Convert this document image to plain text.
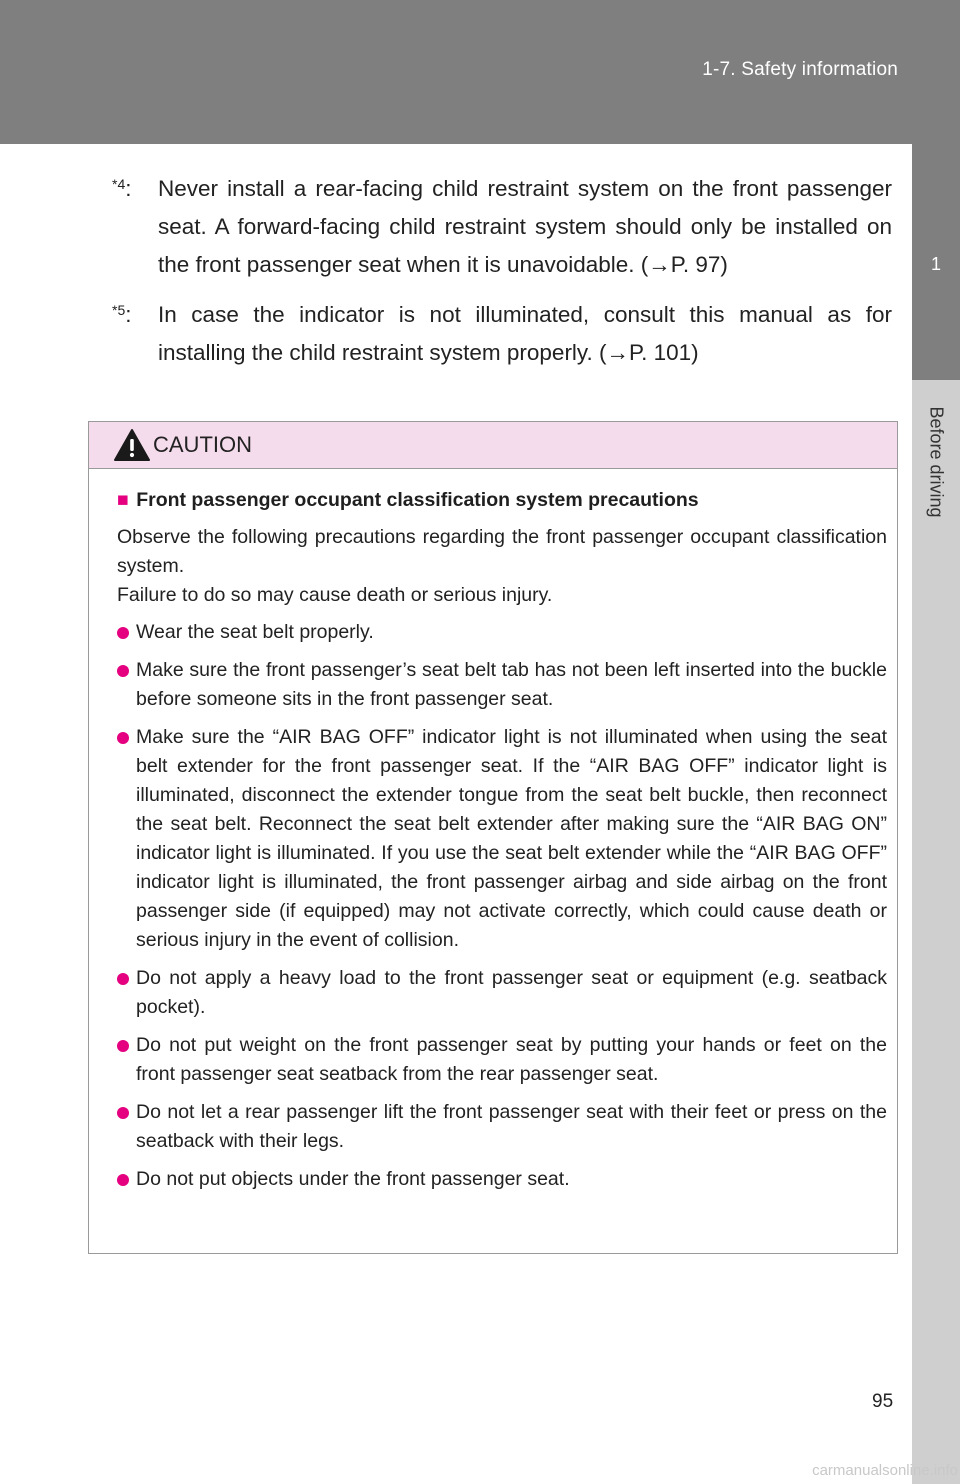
1-7. Safety information
1
Before driving
$^{*4}$: Never install a rear-facing child restraint system on the front passenger seat. A forward-facing child restraint system should only be installed on the front passenger seat when it is unavoidable. (→P. 97)
$^{*5}$: In case the indicator is not illuminated, consult this manual as for installing the child restraint system properly. (→P. 101)
CAUTION
■ Front passenger occupant classification system precautions

Observe the following precautions regarding the front passenger occupant classification system.

Failure to do so may cause death or serious injury.

Wear the seat belt properly.
Make sure the front passenger’s seat belt tab has not been left inserted into the buckle before someone sits in the front passenger seat.
Make sure the “AIR BAG OFF” indicator light is not illuminated when using the seat belt extender for the front passenger seat. If the “AIR BAG OFF” indicator light is illuminated, disconnect the extender tongue from the seat belt buckle, then reconnect the seat belt. Reconnect the seat belt extender after making sure the “AIR BAG ON” indicator light is illuminated. If you use the seat belt extender while the “AIR BAG OFF” indicator light is illuminated, the front passenger airbag and side airbag on the front passenger side (if equipped) may not activate correctly, which could cause death or serious injury in the event of collision.
Do not apply a heavy load to the front passenger seat or equipment (e.g. seatback pocket).
Do not put weight on the front passenger seat by putting your hands or feet on the front passenger seat seatback from the rear passenger seat.
Do not let a rear passenger lift the front passenger seat with their feet or press on the seatback with their legs.
Do not put objects under the front passenger seat.
95
carmanualsonline.info
